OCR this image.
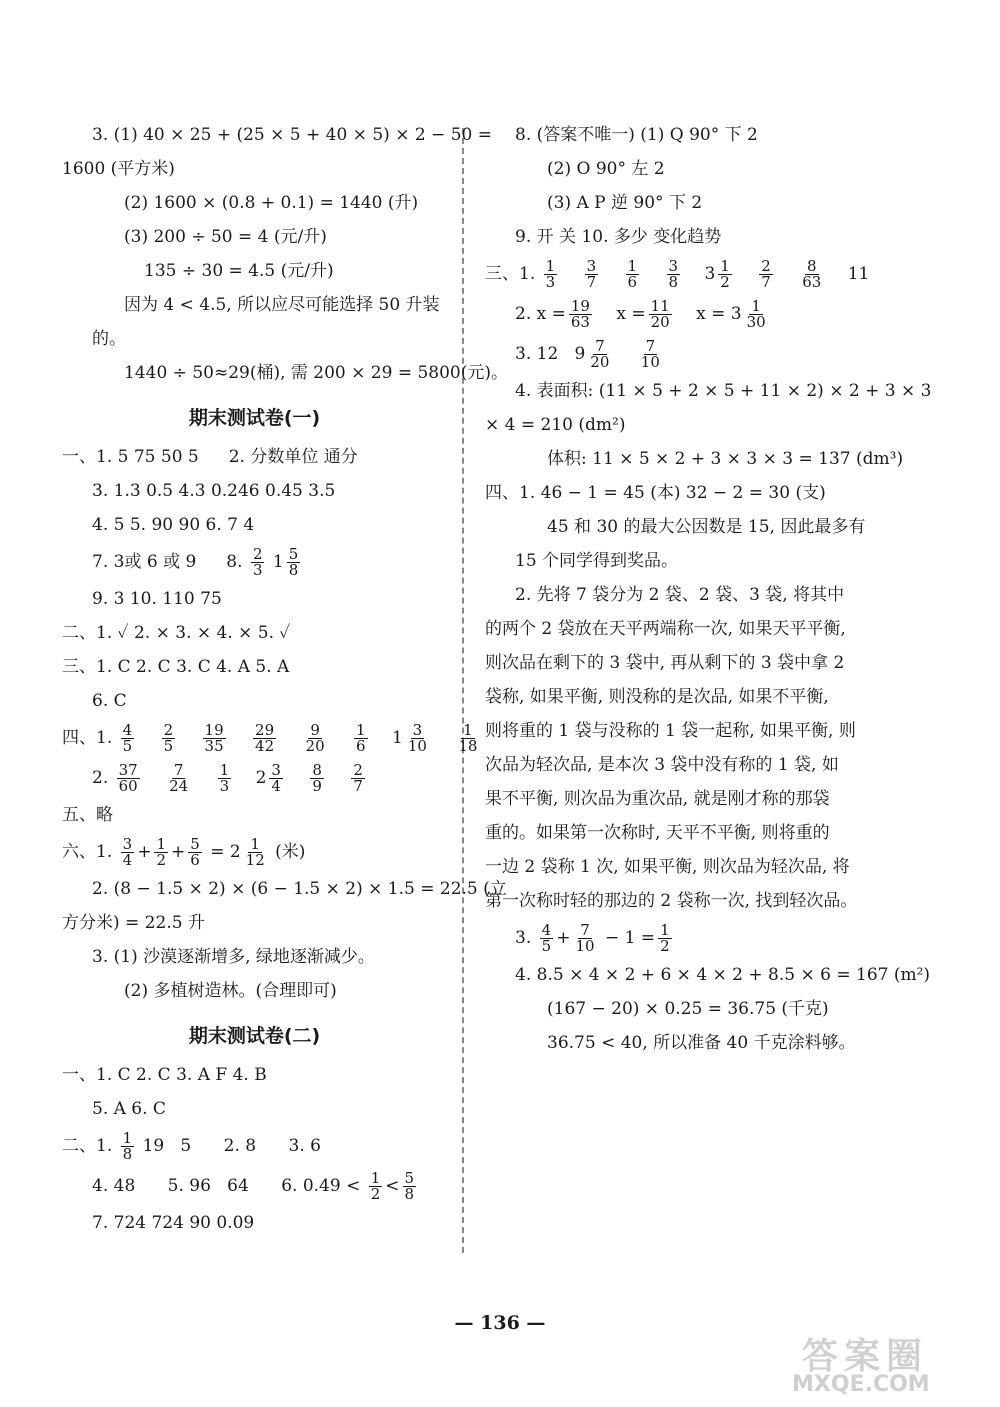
3. (1) 40 × 25 + (25 × 5 + 40 × 5) × 2 − 50 =
1600 (平方米)
(2) 1600 × (0.8 + 0.1) = 1440 (升)
(3) 200 ÷ 50 = 4 (元/升)
135 ÷ 30 = 4.5 (元/升)
因为 4 < 4.5, 所以应尽可能选择 50 升装
的。
1440 ÷ 50≈29(桶), 需 200 × 29 = 5800(元)。
期末测试卷(一)
一、1. 5 75 50 5 2. 分数单位 通分
3. 1.3 0.5 4.3 0.246 0.45 3.5
4. 5 5. 90 90 6. 7 4
7. 3或 6 或 9 8. $\frac{2}{3} 1 \frac{5}{8}$
9. 3 10. 110 75
二、1. ✓ 2. × 3. × 4. × 5. ✓
三、1. C 2. C 3. C 4. A 5. A
6. C
四、1. $\frac{4}{5}$
$\frac{2}{5}$
$\frac{19}{35}$
$\frac{29}{42}$
$\frac{9}{20}$
$\frac{1}{6} 1 \frac{3}{10}$
$\frac{1}{18}$
2. $\frac{37}{60}$
$\frac{7}{24}$
$\frac{1}{3} 2 \frac{3}{4}$
$\frac{8}{9}$
$\frac{2}{7}$
五、略
六、1. $\frac{3}{4} + \frac{1}{2} + \frac{5}{6} = 2 \frac{1}{12}$ (米)
2. (8 − 1.5 × 2) × (6 − 1.5 × 2) × 1.5 = 22.5 (立
方分米) = 22.5 升
3. (1) 沙漠逐渐增多, 绿地逐渐减少。
(2) 多植树造林。(合理即可)
期末测试卷(二)
一、1. C 2. C 3. A F 4. B
5. A 6. C
二、1. $\frac{1}{8} 19$   5      2. 8      3. 6
4. 48      5. 96   64      6. $0.49 < \frac{1}{2} < \frac{5}{8}$
7. 724 724 90 0.09
8. (答案不唯一) (1) Q 90° 下 2
(2) O 90° 左 2
(3) A P 逆 90° 下 2
9. 开 关 10. 多少 变化趋势
三、1. $\frac{1}{3}$
$\frac{3}{7}$
$\frac{1}{6}$
$\frac{3}{8} 3 \frac{1}{2}$
$\frac{2}{7}$
$\frac{8}{63} 11$
2. $x = \frac{19}{63}$ $x = \frac{11}{20}$ $x = 3 \frac{1}{30}$
3. 12   $9 \frac{7}{20}$
$\frac{7}{10}$
4. 表面积: (11 × 5 + 2 × 5 + 11 × 2) × 2 + 3 × 3
× 4 = 210 (dm²)
体积: 11 × 5 × 2 + 3 × 3 × 3 = 137 (dm³)
四、1. 46 − 1 = 45 (本) 32 − 2 = 30 (支)
45 和 30 的最大公因数是 15, 因此最多有
15 个同学得到奖品。
2. 先将 7 袋分为 2 袋、2 袋、3 袋, 将其中
的两个 2 袋放在天平两端称一次, 如果天平平衡,
则次品在剩下的 3 袋中, 再从剩下的 3 袋中拿 2
袋称, 如果平衡, 则没称的是次品, 如果不平衡,
则将重的 1 袋与没称的 1 袋一起称, 如果平衡, 则
次品为轻次品, 是本次 3 袋中没有称的 1 袋, 如
果不平衡, 则次品为重次品, 就是刚才称的那袋
重的。如果第一次称时, 天平不平衡, 则将重的
一边 2 袋称 1 次, 如果平衡, 则次品为轻次品, 将
第一次称时轻的那边的 2 袋称一次, 找到轻次品。
3. $\frac{4}{5} + \frac{7}{10} - 1 = \frac{1}{2}$
4. 8.5 × 4 × 2 + 6 × 4 × 2 + 8.5 × 6 = 167 (m²)
(167 − 20) × 0.25 = 36.75 (千克)
36.75 < 40, 所以准备 40 千克涂料够。
— 136 —
答案圈
MXQE.COM
